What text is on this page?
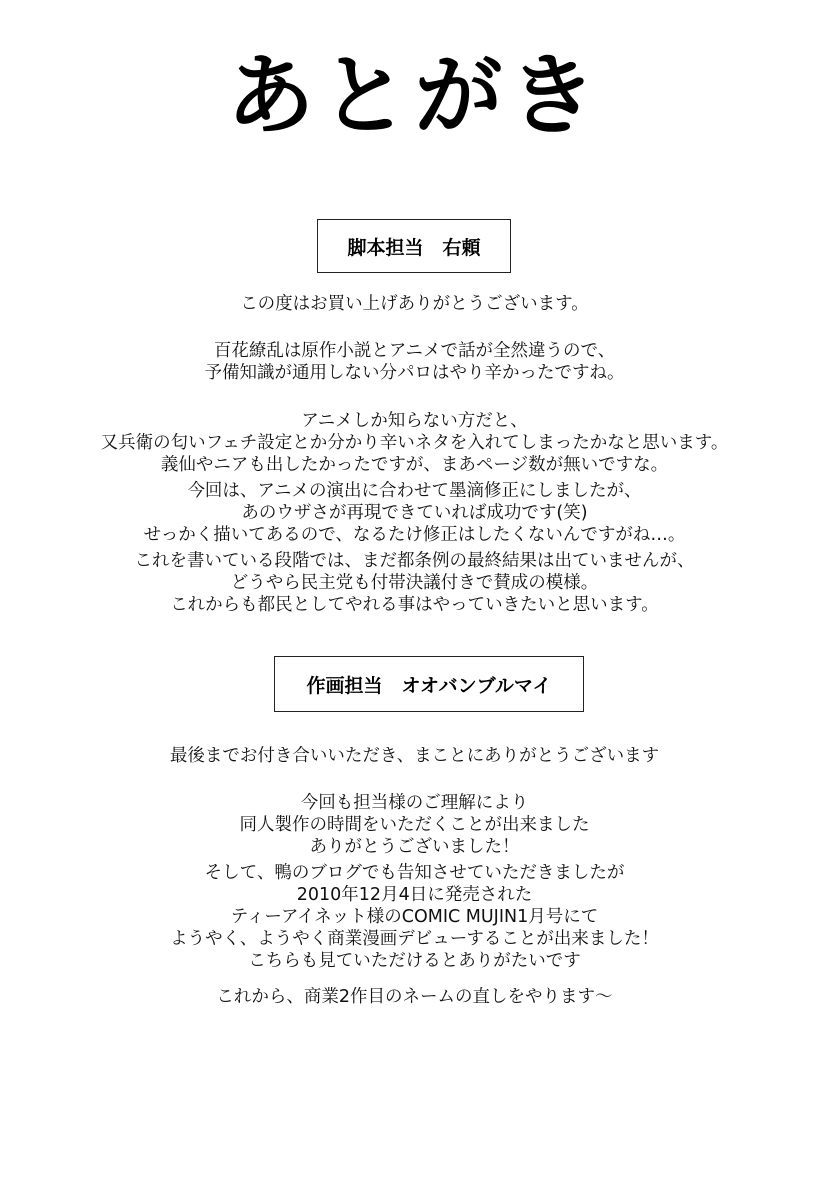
あとがき
脚本担当　右頼
この度はお買い上げありがとうございます。
百花繚乱は原作小説とアニメで話が全然違うので、
予備知識が通用しない分パロはやり辛かったですね。
アニメしか知らない方だと、
又兵衛の匂いフェチ設定とか分かり辛いネタを入れてしまったかなと思います。
義仙やニアも出したかったですが、まあページ数が無いですな。
今回は、アニメの演出に合わせて墨滴修正にしましたが、
あのウザさが再現できていれば成功です(笑)
せっかく描いてあるので、なるたけ修正はしたくないんですがね…。
これを書いている段階では、まだ都条例の最終結果は出ていませんが、
どうやら民主党も付帯決議付きで賛成の模様。
これからも都民としてやれる事はやっていきたいと思います。
作画担当　オオバンブルマイ
最後までお付き合いいただき、まことにありがとうございます
今回も担当様のご理解により
同人製作の時間をいただくことが出来ました
ありがとうございました！
そして、鴨のブログでも告知させていただきましたが
2010年12月4日に発売された
ティーアイネット様のCOMIC MUJIN1月号にて
ようやく、ようやく商業漫画デビューすることが出来ました！
こちらも見ていただけるとありがたいです
これから、商業2作目のネームの直しをやります〜
